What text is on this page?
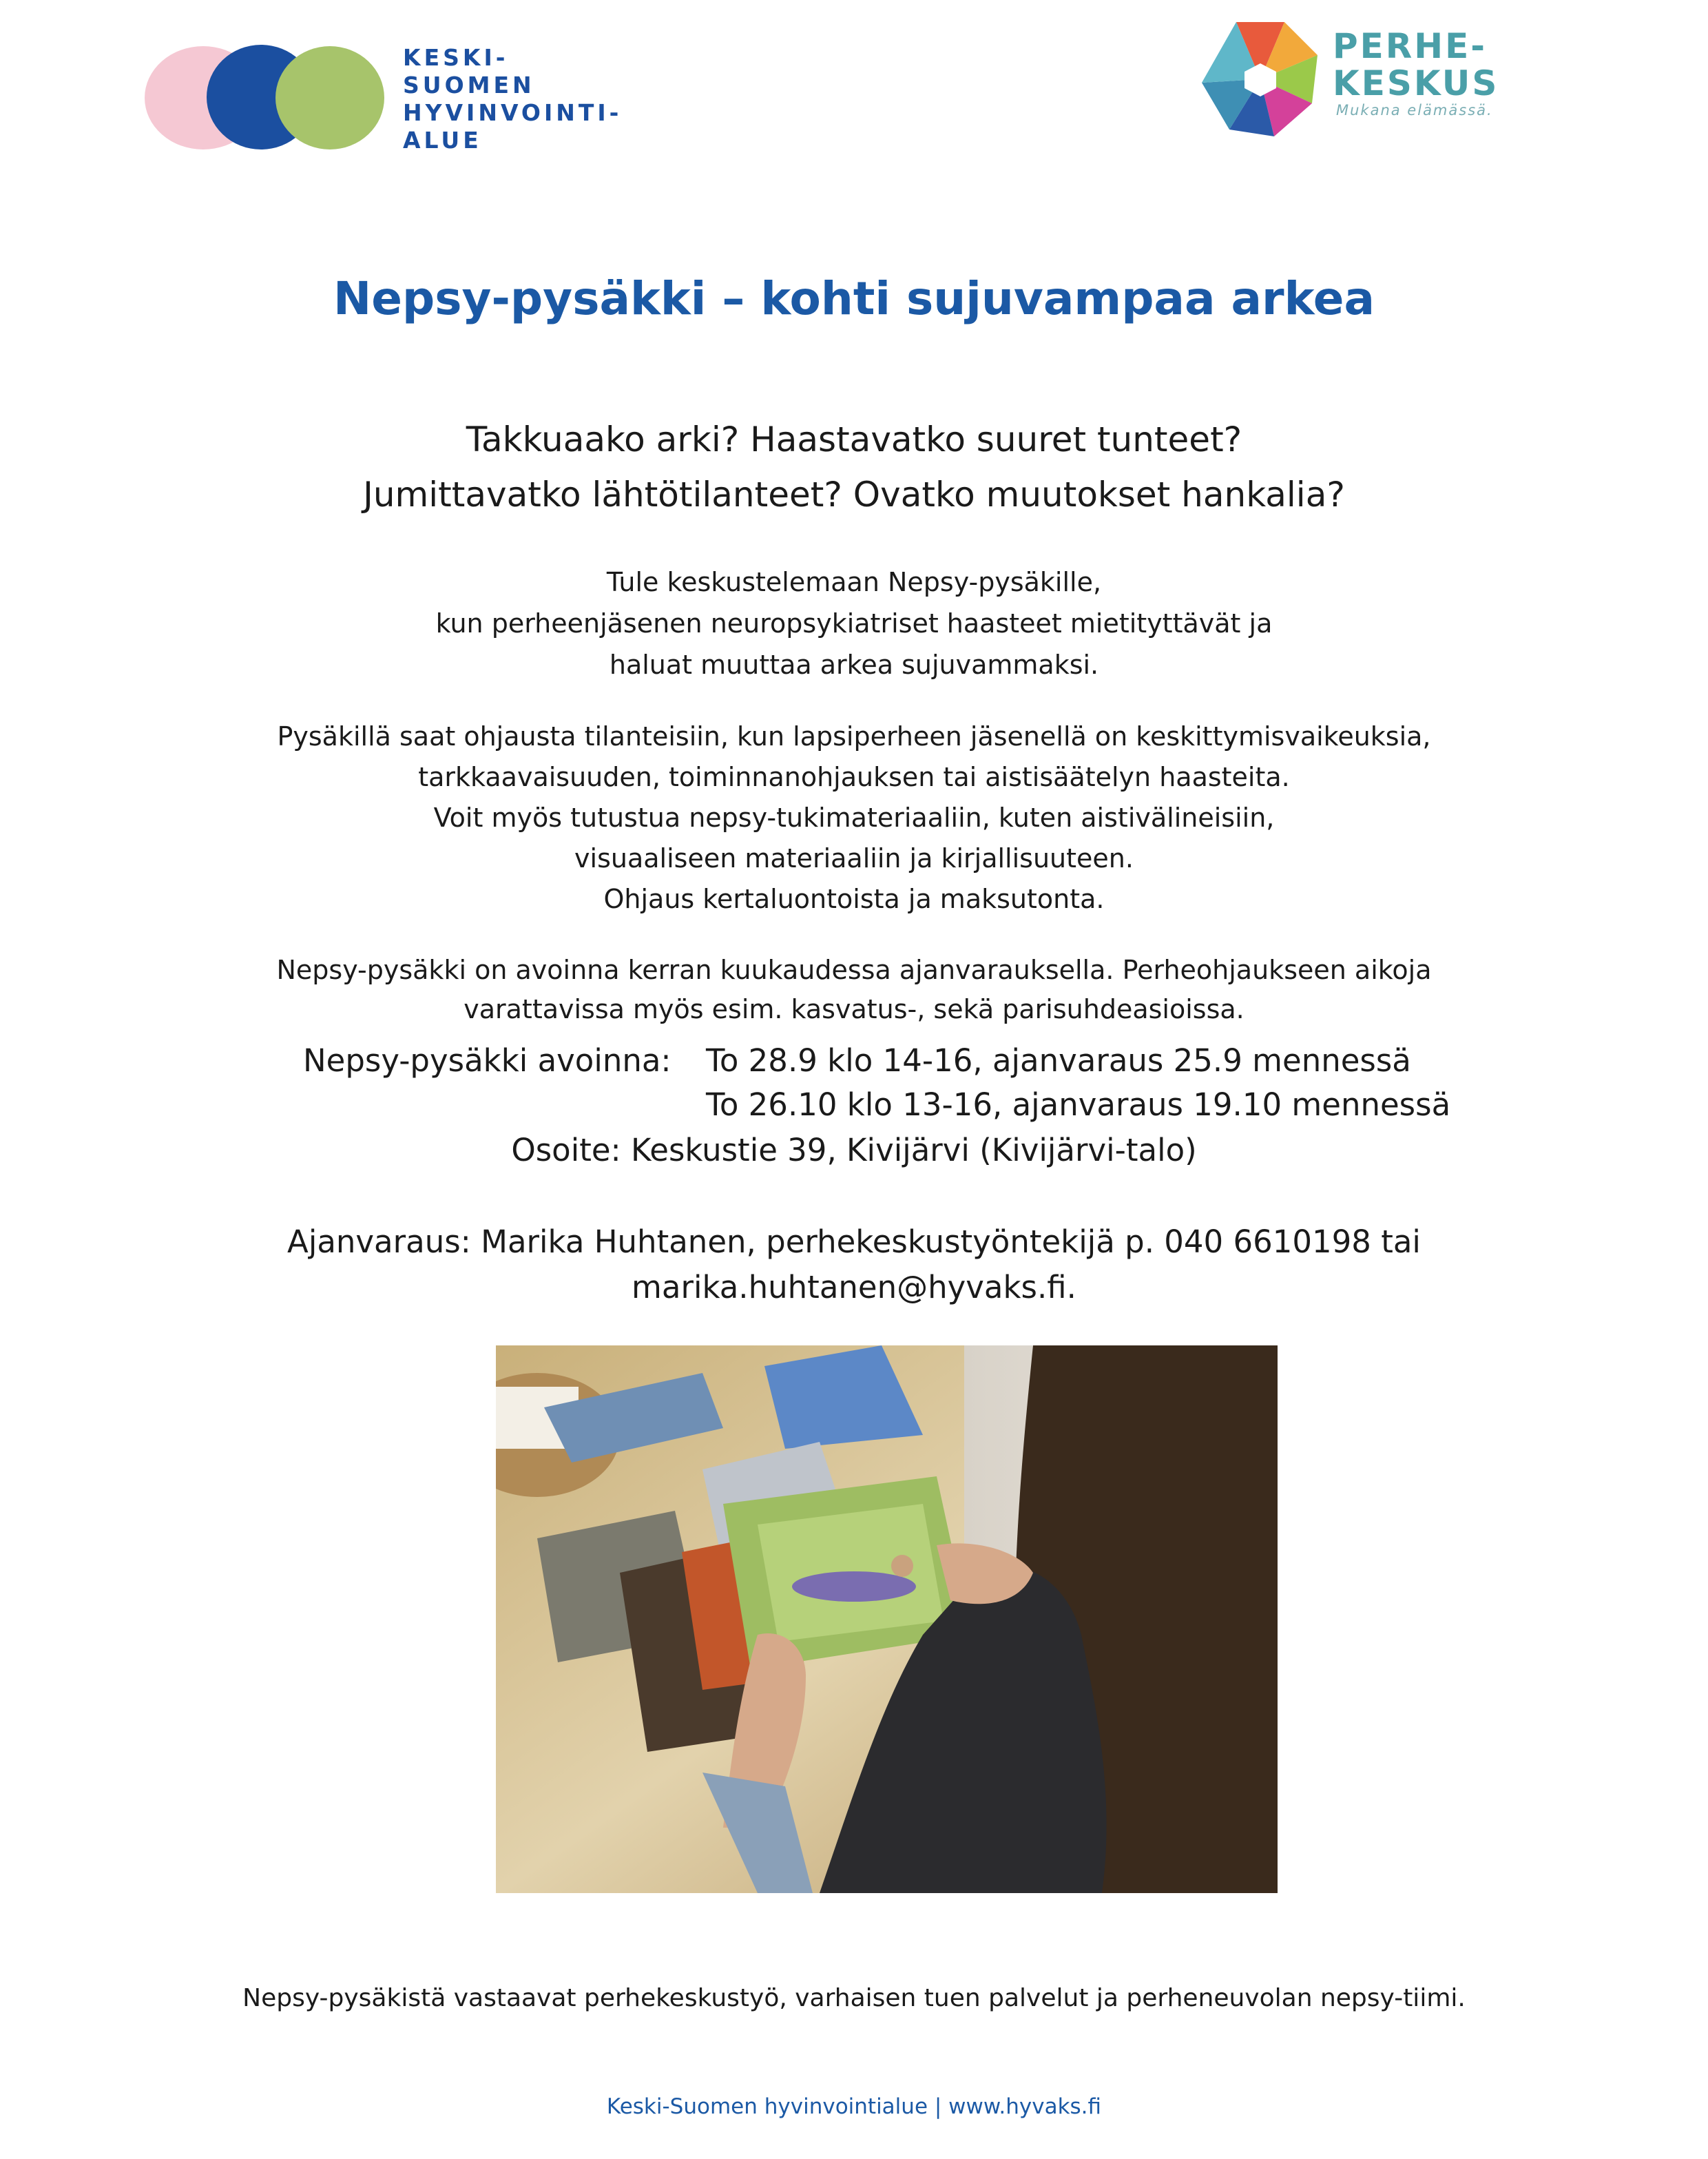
KESKI-
SUOMEN
HYVINVOINTI-
ALUE
PERHE-
KESKUS
Mukana elämässä.
Nepsy-pysäkki – kohti sujuvampaa arkea
Takkuaako arki? Haastavatko suuret tunteet?
Jumittavatko lähtötilanteet? Ovatko muutokset hankalia?
Tule keskustelemaan Nepsy-pysäkille,
kun perheenjäsenen neuropsykiatriset haasteet mietityttävät ja
haluat muuttaa arkea sujuvammaksi.
Pysäkillä saat ohjausta tilanteisiin, kun lapsiperheen jäsenellä on keskittymisvaikeuksia,
tarkkaavaisuuden, toiminnanohjauksen tai aistisäätelyn haasteita.
Voit myös tutustua nepsy-tukimateriaaliin, kuten aistivälineisiin,
visuaaliseen materiaaliin ja kirjallisuuteen.
Ohjaus kertaluontoista ja maksutonta.
Nepsy-pysäkki on avoinna kerran kuukaudessa ajanvarauksella. Perheohjaukseen aikoja
varattavissa myös esim. kasvatus-, sekä parisuhdeasioissa.
Nepsy-pysäkki avoinna: To 28.9 klo 14-16, ajanvaraus 25.9 mennessä
To 26.10 klo 13-16, ajanvaraus 19.10 mennessä
Osoite: Keskustie 39, Kivijärvi (Kivijärvi-talo)
Ajanvaraus: Marika Huhtanen, perhekeskustyöntekijä p. 040 6610198 tai
marika.huhtanen@hyvaks.fi.
Nepsy-pysäkistä vastaavat perhekeskustyö, varhaisen tuen palvelut ja perheneuvolan nepsy-tiimi.
Keski-Suomen hyvinvointialue | www.hyvaks.fi
